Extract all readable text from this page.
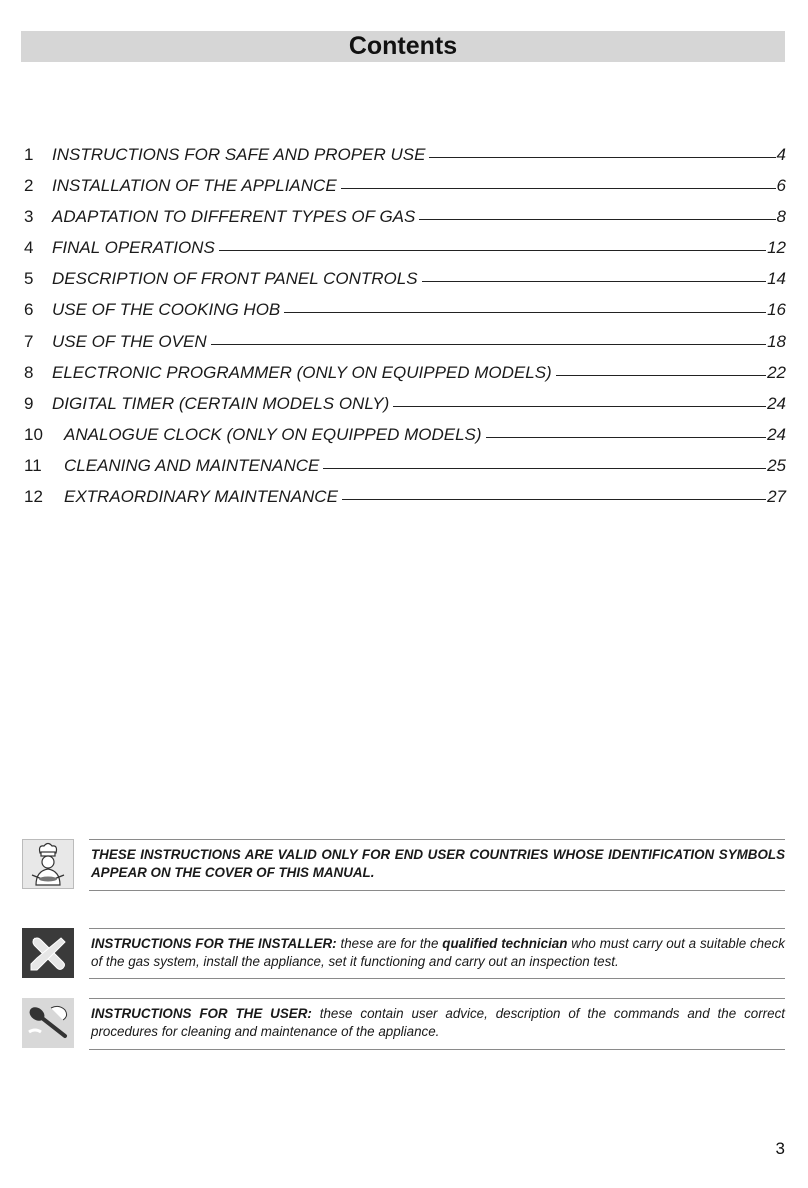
Contents
1	INSTRUCTIONS FOR SAFE AND PROPER USE	4
2	INSTALLATION OF THE APPLIANCE	6
3	ADAPTATION TO DIFFERENT TYPES OF GAS	8
4	FINAL OPERATIONS	12
5	DESCRIPTION OF FRONT PANEL CONTROLS	14
6	USE OF THE COOKING HOB	16
7	USE OF THE OVEN	18
8	ELECTRONIC PROGRAMMER (ONLY ON EQUIPPED MODELS)	22
9	DIGITAL TIMER (CERTAIN MODELS ONLY)	24
10	ANALOGUE CLOCK (ONLY ON EQUIPPED MODELS)	24
11	CLEANING AND MAINTENANCE	25
12	EXTRAORDINARY MAINTENANCE	27
THESE INSTRUCTIONS ARE VALID ONLY FOR END USER COUNTRIES WHOSE IDENTIFICATION SYMBOLS APPEAR ON THE COVER OF THIS MANUAL.
INSTRUCTIONS FOR THE INSTALLER: these are for the qualified technician who must carry out a suitable check of the gas system, install the appliance, set it functioning and carry out an inspection test.
INSTRUCTIONS FOR THE USER: these contain user advice, description of the commands and the correct procedures for cleaning and maintenance of the appliance.
3
